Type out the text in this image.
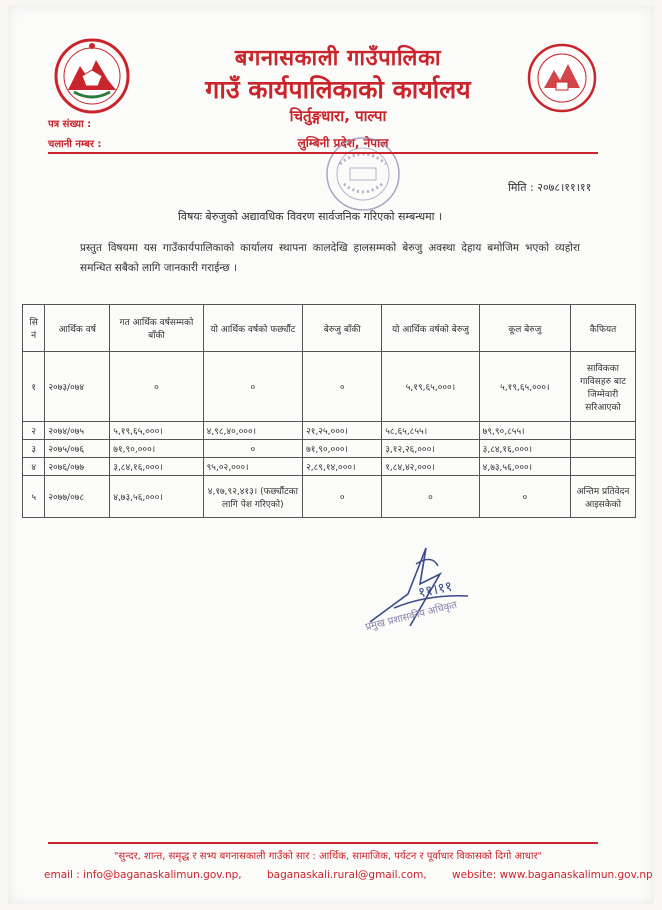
बगनासकाली गाउँपालिका
गाउँ कार्यपालिकाको कार्यालय
चिर्तुङ्गधारा, पाल्पा
लुम्बिनी प्रदेश, नेपाल
पत्र संख्या :
चलानी नम्बर :
मिति : २०७८।११।११
विषयः बेरुजुको अद्यावधिक विवरण सार्वजनिक गरिएको सम्बन्धमा ।
प्रस्तुत विषयमा यस गाउँकार्यपालिकाको कार्यालय स्थापना कालदेखि हालसम्मको बेरुजु अवस्था देहाय बमोजिम भएको व्यहोरा समन्धित सबैको लागि जानकारी गराईन्छ ।
सि नं	आर्थिक वर्ष	गत आर्थिक वर्षसम्मको बाँकी	यो आर्थिक वर्षको फर्छ्यौट	बेरुजु बाँकी	यो आर्थिक वर्षको बेरुजु	कूल बेरुजु	कैफियत
१	२०७३/०७४	०	०	०	५,१९,६५,०००।	५,१९,६५,०००।	साविकका गाविसहरु बाट जिम्मेवारी सरिआएको
२	२०७४/०७५	५,१९,६५,०००।	४,९८,४०,०००।	२१,२५,०००।	५८,६५,८५५।	७९,९०,८५५।	
३	२०७५/०७६	७१,९०,०००।	०	७१,९०,०००।	३,१२,२६,०००।	३,८४,१६,०००।	
४	२०७६/०७७	३,८४,१६,०००।	९५,०२,०००।	२,८९,१४,०००।	१,८४,४२,०००।	४,७३,५६,०००।	
५	२०७७/०७८	४,७३,५६,०००।	४,१७,९२,४१३। (फर्छ्यौटका लागि पेश गरिएको)	०	०	०	अन्तिम प्रतिवेदन आइसकेको
११।११
प्रमुख प्रशासकीय अधिकृत
"सुन्दर, शान्त, समृद्ध र सभ्य बगनासकाली गाउँको सार : आर्थिक, सामाजिक, पर्यटन र पूर्वाधार विकासको दिगो आधार"
email : info@baganaskalimun.gov.np, baganaskali.rural@gmail.com, website: www.baganaskalimun.gov.np
